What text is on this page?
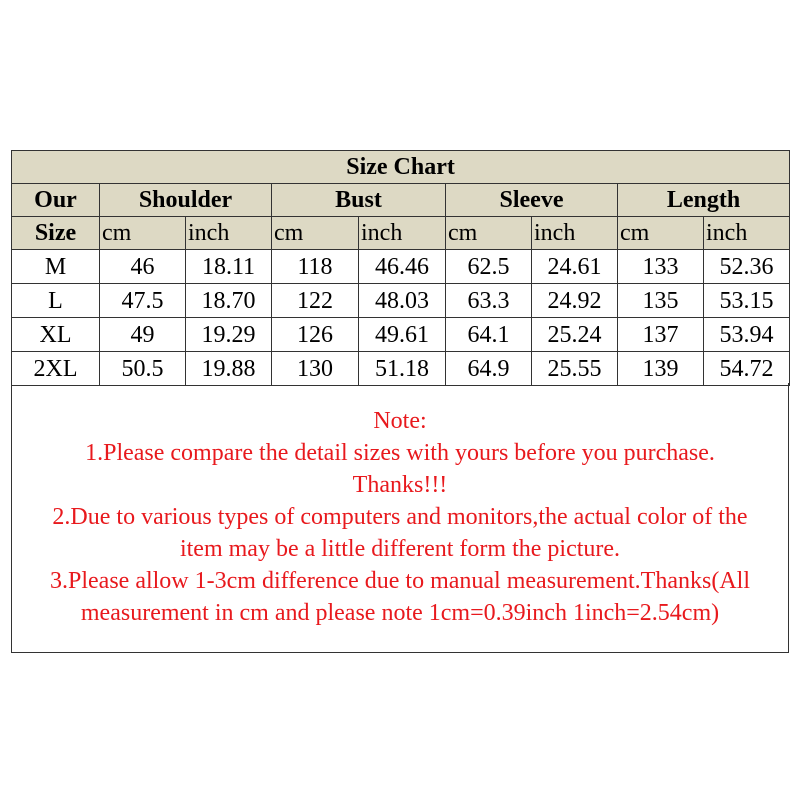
Size Chart								
Our	Shoulder		Bust		Sleeve		Length	
Size	cm	inch	cm	inch	cm	inch	cm	inch
M	46	18.11	118	46.46	62.5	24.61	133	52.36
L	47.5	18.70	122	48.03	63.3	24.92	135	53.15
XL	49	19.29	126	49.61	64.1	25.24	137	53.94
2XL	50.5	19.88	130	51.18	64.9	25.55	139	54.72
Note:
1.Please compare the detail sizes with yours before you purchase.
Thanks!!!
2.Due to various types of computers and monitors,the actual color of the
item may be a little different form the picture.
3.Please allow 1-3cm difference due to manual measurement.Thanks(All
measurement in cm and please note 1cm=0.39inch 1inch=2.54cm)
